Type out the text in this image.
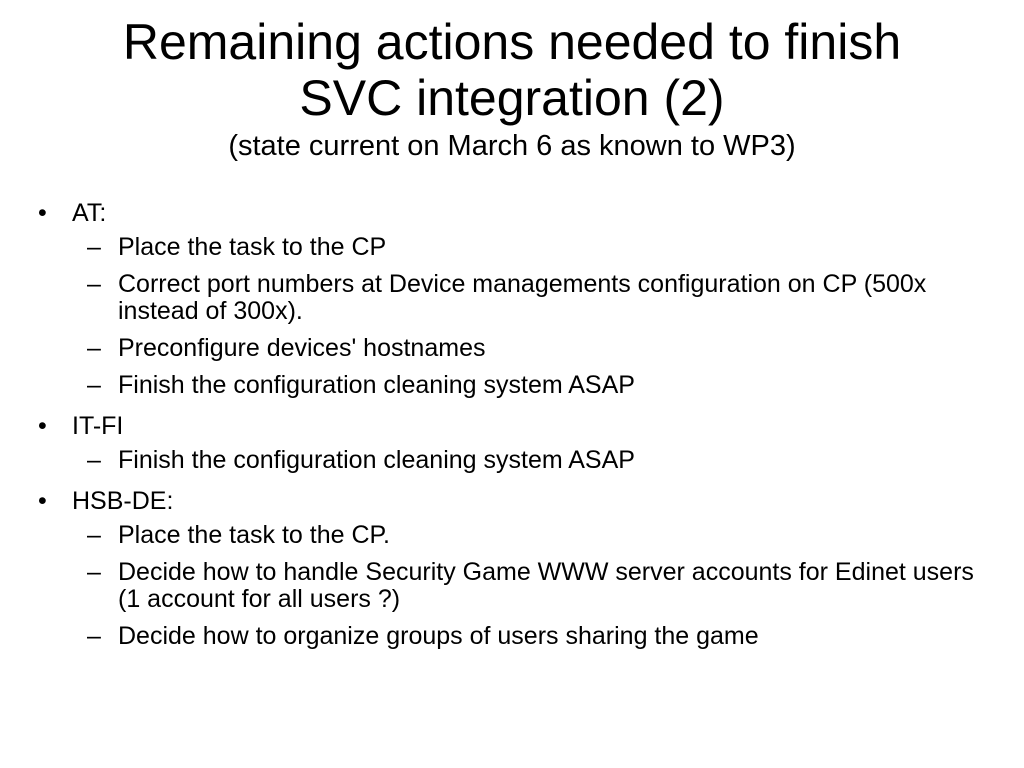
Remaining actions needed to finish
SVC integration (2)
(state current on March 6 as known to WP3)
• AT:
– Place the task to the CP
– Correct port numbers at Device managements configuration on CP (500x instead of 300x).
– Preconfigure devices' hostnames
– Finish the configuration cleaning system ASAP
• IT-FI
– Finish the configuration cleaning system ASAP
• HSB-DE:
– Place the task to the CP.
– Decide how to handle Security Game WWW server accounts for Edinet users (1 account for all users ?)
– Decide how to organize groups of users sharing the game
